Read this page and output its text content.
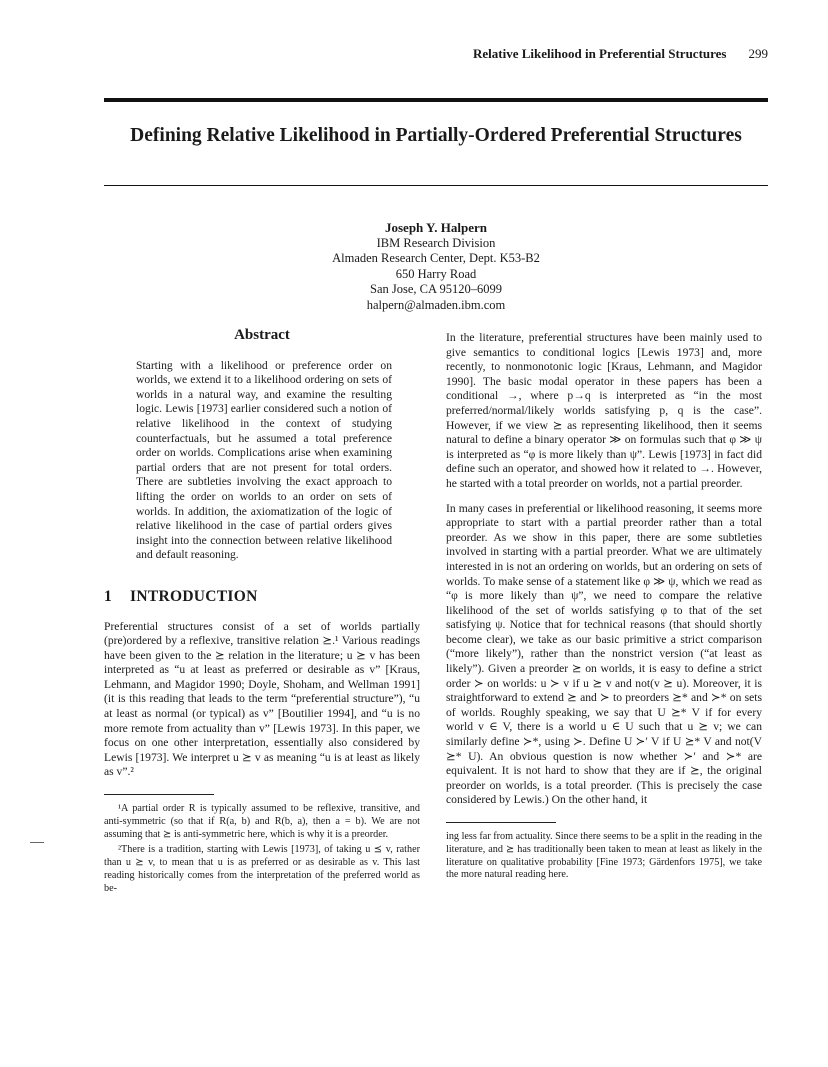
Relative Likelihood in Preferential Structures 299
Defining Relative Likelihood in Partially-Ordered Preferential Structures
Joseph Y. Halpern
IBM Research Division
Almaden Research Center, Dept. K53-B2
650 Harry Road
San Jose, CA 95120–6099
halpern@almaden.ibm.com
Abstract

Starting with a likelihood or preference order on worlds, we extend it to a likelihood ordering on sets of worlds in a natural way, and examine the resulting logic. Lewis [1973] earlier considered such a notion of relative likelihood in the context of studying counterfactuals, but he assumed a total preference order on worlds. Complications arise when examining partial orders that are not present for total orders. There are subtleties involving the exact approach to lifting the order on worlds to an order on sets of worlds. In addition, the axiomatization of the logic of relative likelihood in the case of partial orders gives insight into the connection between relative likelihood and default reasoning.

1 INTRODUCTION

Preferential structures consist of a set of worlds partially (pre)ordered by a reflexive, transitive relation ⪰.¹ Various readings have been given to the ⪰ relation in the literature; u ⪰ v has been interpreted as “u at least as preferred or desirable as v” [Kraus, Lehmann, and Magidor 1990; Doyle, Shoham, and Wellman 1991] (it is this reading that leads to the term “preferential structure”), “u at least as normal (or typical) as v” [Boutilier 1994], and “u is no more remote from actuality than v” [Lewis 1973]. In this paper, we focus on one other interpretation, essentially also considered by Lewis [1973]. We interpret u ⪰ v as meaning “u is at least as likely as v”.²

¹A partial order R is typically assumed to be reflexive, transitive, and anti-symmetric (so that if R(a, b) and R(b, a), then a = b). We are not assuming that ⪰ is anti-symmetric here, which is why it is a preorder.

²There is a tradition, starting with Lewis [1973], of taking u ⪯ v, rather than u ⪰ v, to mean that u is as preferred or as desirable as v. This last reading historically comes from the interpretation of the preferred world as be-

In the literature, preferential structures have been mainly used to give semantics to conditional logics [Lewis 1973] and, more recently, to nonmonotonic logic [Kraus, Lehmann, and Magidor 1990]. The basic modal operator in these papers has been a conditional →, where p→q is interpreted as “in the most preferred/normal/likely worlds satisfying p, q is the case”. However, if we view ⪰ as representing likelihood, then it seems natural to define a binary operator ≫ on formulas such that φ ≫ ψ is interpreted as “φ is more likely than ψ”. Lewis [1973] in fact did define such an operator, and showed how it related to →. However, he started with a total preorder on worlds, not a partial preorder.

In many cases in preferential or likelihood reasoning, it seems more appropriate to start with a partial preorder rather than a total preorder. As we show in this paper, there are some subtleties involved in starting with a partial preorder. What we are ultimately interested in is not an ordering on worlds, but an ordering on sets of worlds. To make sense of a statement like φ ≫ ψ, which we read as “φ is more likely than ψ”, we need to compare the relative likelihood of the set of worlds satisfying φ to that of the set satisfying ψ. Notice that for technical reasons (that should shortly become clear), we take as our basic primitive a strict comparison (“more likely”), rather than the nonstrict version (“at least as likely”). Given a preorder ⪰ on worlds, it is easy to define a strict order ≻ on worlds: u ≻ v if u ⪰ v and not(v ⪰ u). Moreover, it is straightforward to extend ⪰ and ≻ to preorders ⪰* and ≻* on sets of worlds. Roughly speaking, we say that U ⪰* V if for every world v ∈ V, there is a world u ∈ U such that u ⪰ v; we can similarly define ≻*, using ≻. Define U ≻′ V if U ⪰* V and not(V ⪰* U). An obvious question is now whether ≻′ and ≻* are equivalent. It is not hard to show that they are if ⪰, the original preorder on worlds, is a total preorder. (This is precisely the case considered by Lewis.) On the other hand, it

ing less far from actuality. Since there seems to be a split in the reading in the literature, and ⪰ has traditionally been taken to mean at least as likely in the literature on qualitative probability [Fine 1973; Gärdenfors 1975], we take the more natural reading here.
